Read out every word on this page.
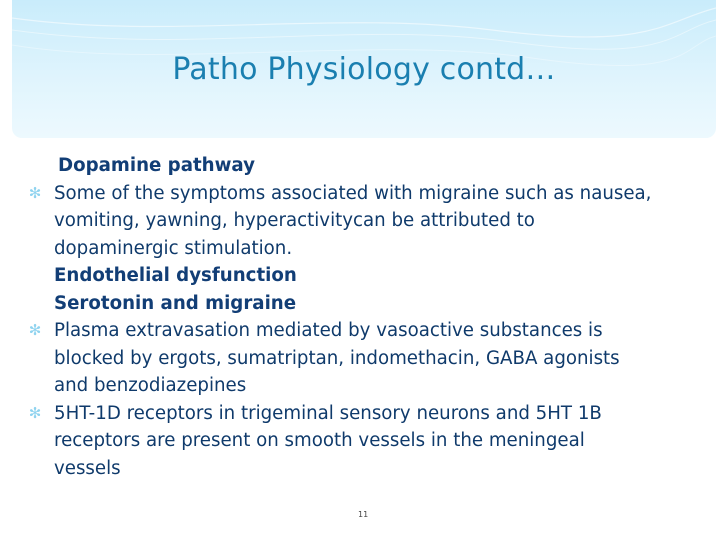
Patho Physiology contd…
Dopamine pathway
✻ Some of the symptoms associated with migraine such as nausea,
vomiting, yawning, hyperactivitycan be attributed to
dopaminergic stimulation.
Endothelial dysfunction
Serotonin and migraine
✻ Plasma extravasation mediated by vasoactive substances is
blocked by ergots, sumatriptan, indomethacin, GABA agonists
and benzodiazepines
✻ 5HT-1D receptors in trigeminal sensory neurons and 5HT 1B
receptors are present on smooth vessels in the meningeal
vessels
11
